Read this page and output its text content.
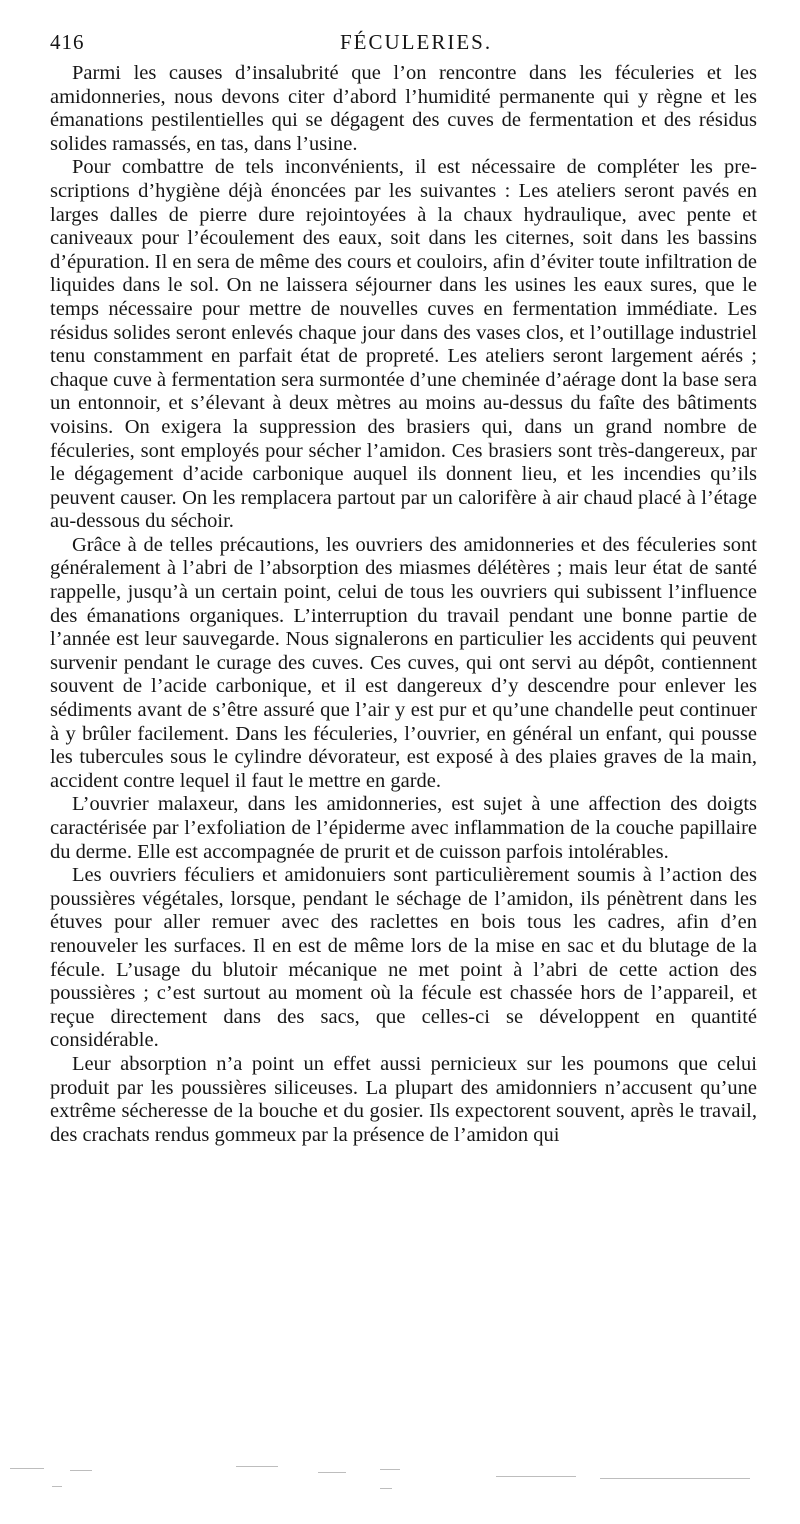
416	FÉCULERIES.

Parmi les causes d’insalubrité que l’on rencontre dans les féculeries et les amidonneries, nous devons citer d’abord l’humidité permanente qui y règne et les émanations pestilentielles qui se dégagent des cuves de fermentation et des résidus solides ramassés, en tas, dans l’usine.

Pour combattre de tels inconvénients, il est nécessaire de compléter les prescriptions d’hygiène déjà énoncées par les suivantes : Les ateliers seront pavés en larges dalles de pierre dure rejointoyées à la chaux hydraulique, avec pente et caniveaux pour l’écoulement des eaux, soit dans les citernes, soit dans les bassins d’épuration. Il en sera de même des cours et couloirs, afin d’éviter toute infiltration de liquides dans le sol. On ne laissera séjourner dans les usines les eaux sures, que le temps nécessaire pour mettre de nouvelles cuves en fermentation immédiate. Les résidus solides seront enlevés chaque jour dans des vases clos, et l’outillage industriel tenu constamment en parfait état de propreté. Les ateliers seront largement aérés ; chaque cuve à fermentation sera surmontée d’une cheminée d’aérage dont la base sera un entonnoir, et s’élevant à deux mètres au moins au-dessus du faîte des bâtiments voisins. On exigera la suppression des brasiers qui, dans un grand nombre de féculeries, sont employés pour sécher l’amidon. Ces brasiers sont très-dangereux, par le dégagement d’acide carbonique auquel ils donnent lieu, et les incendies qu’ils peuvent causer. On les remplacera partout par un calorifère à air chaud placé à l’étage au-dessous du séchoir.

Grâce à de telles précautions, les ouvriers des amidonneries et des féculeries sont généralement à l’abri de l’absorption des miasmes délétères ; mais leur état de santé rappelle, jusqu’à un certain point, celui de tous les ouvriers qui subissent l’influence des émanations organiques. L’interruption du travail pendant une bonne partie de l’année est leur sauvegarde. Nous signalerons en particulier les accidents qui peuvent survenir pendant le curage des cuves. Ces cuves, qui ont servi au dépôt, contiennent souvent de l’acide carbonique, et il est dangereux d’y descendre pour enlever les sédiments avant de s’être assuré que l’air y est pur et qu’une chandelle peut continuer à y brûler facilement. Dans les féculeries, l’ouvrier, en général un enfant, qui pousse les tubercules sous le cylindre dévorateur, est exposé à des plaies graves de la main, accident contre lequel il faut le mettre en garde.

L’ouvrier malaxeur, dans les amidonneries, est sujet à une affection des doigts caractérisée par l’exfoliation de l’épiderme avec inflammation de la couche papillaire du derme. Elle est accompagnée de prurit et de cuisson parfois intolérables.

Les ouvriers féculiers et amidonuiers sont particulièrement soumis à l’action des poussières végétales, lorsque, pendant le séchage de l’amidon, ils pénètrent dans les étuves pour aller remuer avec des raclettes en bois tous les cadres, afin d’en renouveler les surfaces. Il en est de même lors de la mise en sac et du blutage de la fécule. L’usage du blutoir mécanique ne met point à l’abri de cette action des poussières ; c’est surtout au moment où la fécule est chassée hors de l’appareil, et reçue directement dans des sacs, que celles-ci se développent en quantité considérable.

Leur absorption n’a point un effet aussi pernicieux sur les poumons que celui produit par les poussières siliceuses. La plupart des amidonniers n’accusent qu’une extrême sécheresse de la bouche et du gosier. Ils expectorent souvent, après le travail, des crachats rendus gommeux par la présence de l’amidon qui
